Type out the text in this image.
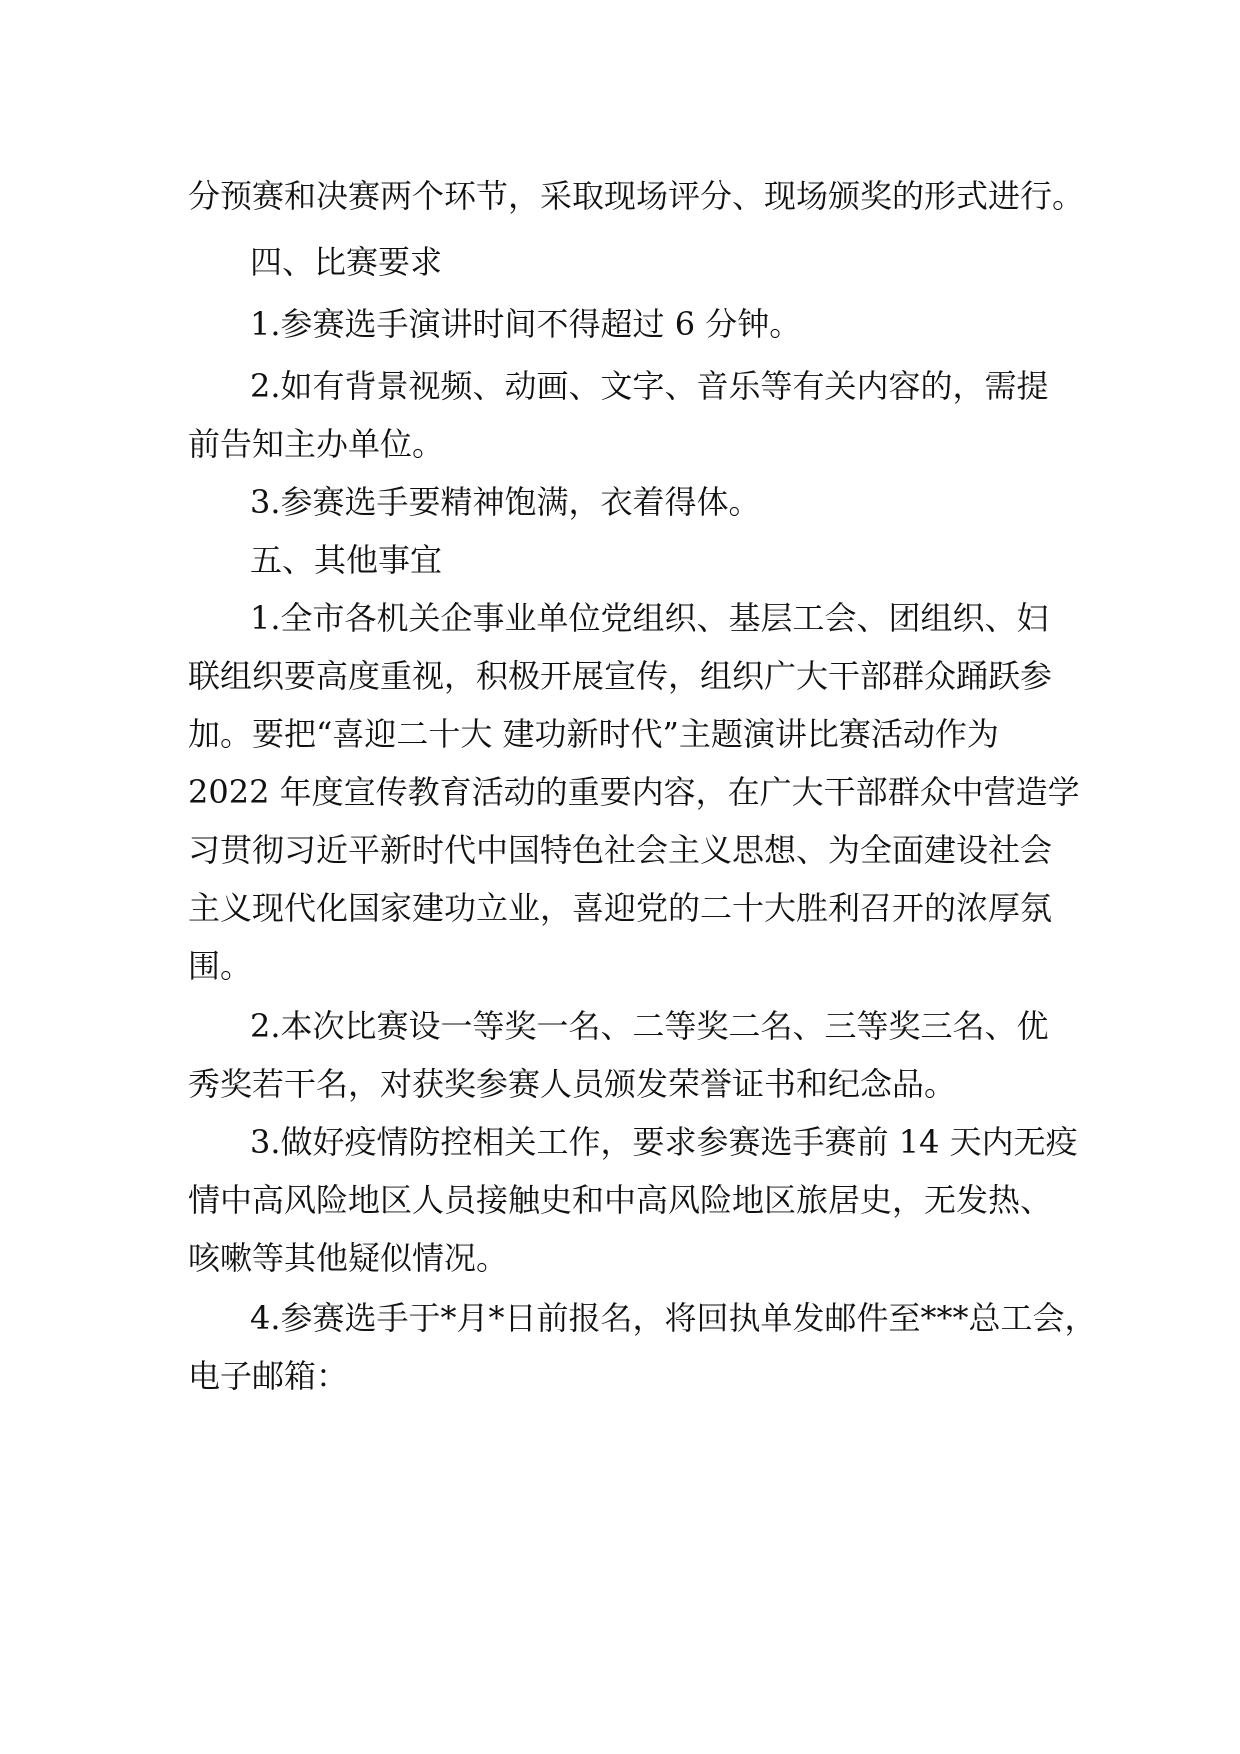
分预赛和决赛两个环节，采取现场评分、现场颁奖的形式进行。

四、比赛要求

1.参赛选手演讲时间不得超过 6 分钟。

2.如有背景视频、动画、文字、音乐等有关内容的，需提

前告知主办单位。

3.参赛选手要精神饱满，衣着得体。

五、其他事宜

1.全市各机关企事业单位党组织、基层工会、团组织、妇

联组织要高度重视，积极开展宣传，组织广大干部群众踊跃参

加。要把“喜迎二十大 建功新时代”主题演讲比赛活动作为

2022 年度宣传教育活动的重要内容，在广大干部群众中营造学

习贯彻习近平新时代中国特色社会主义思想、为全面建设社会

主义现代化国家建功立业，喜迎党的二十大胜利召开的浓厚氛

围。

2.本次比赛设一等奖一名、二等奖二名、三等奖三名、优

秀奖若干名，对获奖参赛人员颁发荣誉证书和纪念品。

3.做好疫情防控相关工作，要求参赛选手赛前 14 天内无疫

情中高风险地区人员接触史和中高风险地区旅居史，无发热、

咳嗽等其他疑似情况。

4.参赛选手于*月*日前报名，将回执单发邮件至***总工会，

电子邮箱：
